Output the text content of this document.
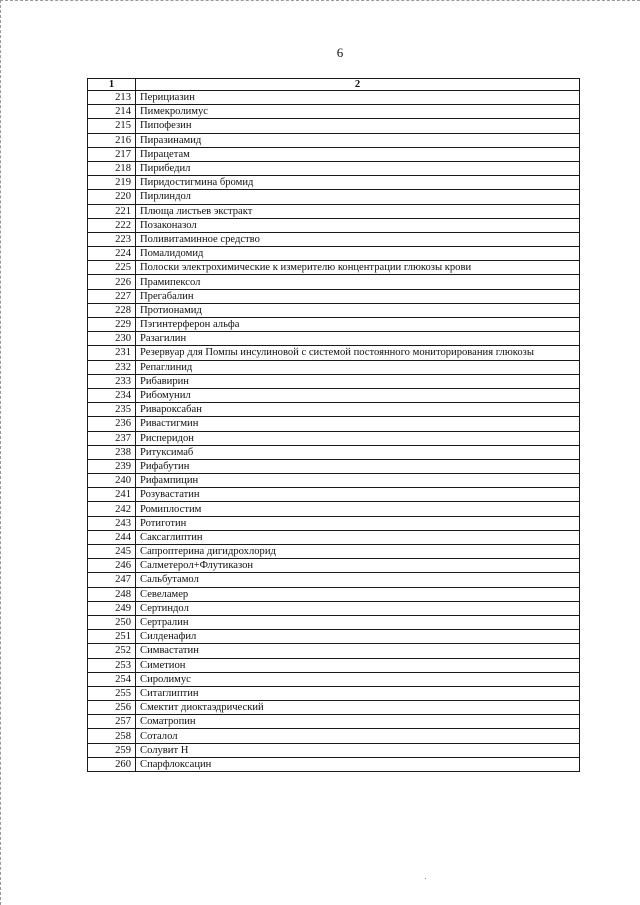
6
1	2
213	Перициазин
214	Пимекролимус
215	Пипофезин
216	Пиразинамид
217	Пирацетам
218	Пирибедил
219	Пиридостигмина бромид
220	Пирлиндол
221	Плюща листьев экстракт
222	Позаконазол
223	Поливитаминное средство
224	Помалидомид
225	Полоски электрохимические к измерителю концентрации глюкозы крови
226	Прамипексол
227	Прегабалин
228	Протионамид
229	Пэгинтерферон альфа
230	Разагилин
231	Резервуар для Помпы инсулиновой с системой постоянного мониторирования глюкозы
232	Репаглинид
233	Рибавирин
234	Рибомунил
235	Ривароксабан
236	Ривастигмин
237	Рисперидон
238	Ритуксимаб
239	Рифабутин
240	Рифампицин
241	Розувастатин
242	Ромиплостим
243	Ротиготин
244	Саксаглиптин
245	Сапроптерина дигидрохлорид
246	Салметерол+Флутиказон
247	Сальбутамол
248	Севеламер
249	Сертиндол
250	Сертралин
251	Силденафил
252	Симвастатин
253	Симетион
254	Сиролимус
255	Ситаглиптин
256	Смектит диоктаэдрический
257	Соматропин
258	Соталол
259	Солувит Н
260	Спарфлоксацин
